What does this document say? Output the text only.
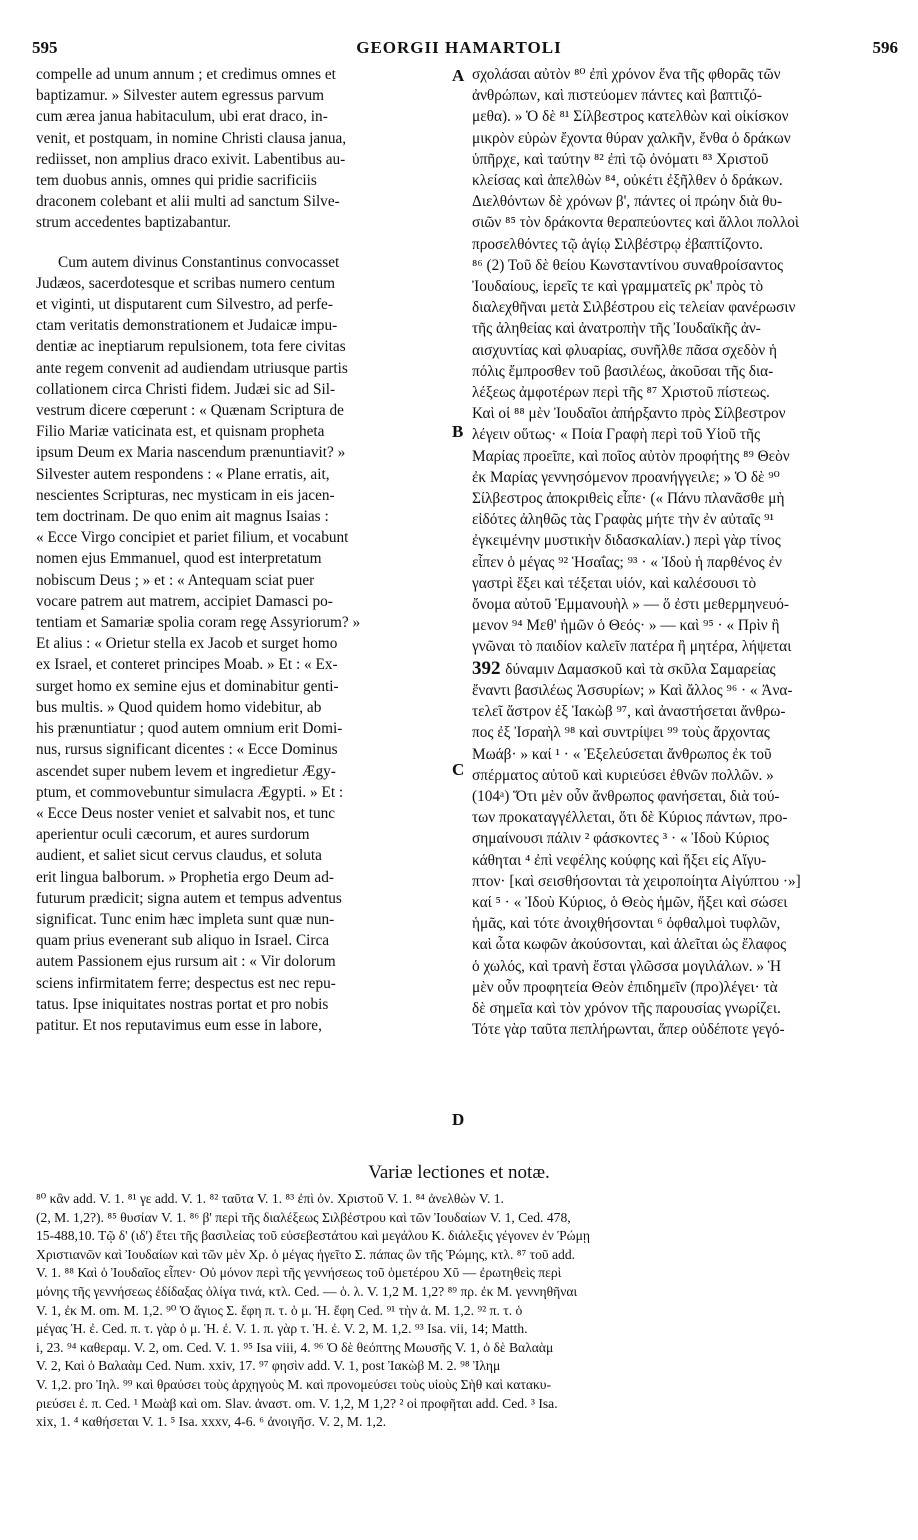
595	GEORGII HAMARTOLI	596
A
B
C
D
compelle ad unum annum ; et credimus omnes et
baptizamur. » Silvester autem egressus parvum
cum ærea janua habitaculum, ubi erat draco, in-
venit, et postquam, in nomine Christi clausa janua,
rediisset, non amplius draco exivit. Labentibus au-
tem duobus annis, omnes qui pridie sacrificiis
draconem colebant et alii multi ad sanctum Silve-
strum accedentes baptizabantur.
Cum autem divinus Constantinus convocasset
Judæos, sacerdotesque et scribas numero centum
et viginti, ut disputarent cum Silvestro, ad perfe-
ctam veritatis demonstrationem et Judaicæ impu-
dentiæ ac ineptiarum repulsionem, tota fere civitas
ante regem convenit ad audiendam utriusque partis
collationem circa Christi fidem. Judæi sic ad Sil-
vestrum dicere cœperunt : « Quænam Scriptura de
Filio Mariæ vaticinata est, et quisnam propheta
ipsum Deum ex Maria nascendum prænuntiavit? »
Silvester autem respondens : « Plane erratis, ait,
nescientes Scripturas, nec mysticam in eis jacen-
tem doctrinam. De quo enim ait magnus Isaias :
« Ecce Virgo concipiet et pariet filium, et vocabunt
nomen ejus Emmanuel, quod est interpretatum
nobiscum Deus ; » et : « Antequam sciat puer
vocare patrem aut matrem, accipiet Damasci po-
tentiam et Samariæ spolia coram regę Assyriorum? »
Et alius : « Orietur stella ex Jacob et surget homo
ex Israel, et conteret principes Moab. » Et : « Ex-
surget homo ex semine ejus et dominabitur genti-
bus multis. » Quod quidem homo videbitur, ab
his prænuntiatur ; quod autem omnium erit Domi-
nus, rursus significant dicentes : « Ecce Dominus
ascendet super nubem levem et ingredietur Ægy-
ptum, et commovebuntur simulacra Ægypti. » Et :
« Ecce Deus noster veniet et salvabit nos, et tunc
aperientur oculi cæcorum, et aures surdorum
audient, et saliet sicut cervus claudus, et soluta
erit lingua balborum. » Prophetia ergo Deum ad-
futurum prædicit; signa autem et tempus adventus
significat. Tunc enim hæc impleta sunt quæ nun-
quam prius evenerant sub aliquo in Israel. Circa
autem Passionem ejus rursum ait : « Vir dolorum
sciens infirmitatem ferre; despectus est nec repu-
tatus. Ipse iniquitates nostras portat et pro nobis
patitur. Et nos reputavimus eum esse in labore,
σχολάσαι αὐτὸν ⁸⁰ ἐπὶ χρόνον ἕνα τῆς φθορᾶς τῶν
ἀνθρώπων, καὶ πιστεύομεν πάντες καὶ βαπτιζό-
μεθα). » Ὁ δὲ ⁸¹ Σίλβεστρος κατελθὼν καὶ οἰκίσκον
μικρὸν εὑρὼν ἔχοντα θύραν χαλκῆν, ἔνθα ὁ δράκων
ὑπῆρχε, καὶ ταύτην ⁸² ἐπὶ τῷ ὀνόματι ⁸³ Χριστοῦ
κλείσας καὶ ἀπελθὼν ⁸⁴, οὐκέτι ἐξῆλθεν ὁ δράκων.
Διελθόντων δὲ χρόνων β', πάντες οἱ πρώην διὰ θυ-
σιῶν ⁸⁵ τὸν δράκοντα θεραπεύοντες καὶ ἄλλοι πολλοὶ
προσελθόντες τῷ ἁγίῳ Σιλβέστρῳ ἐβαπτίζοντο.
⁸⁶ (2) Τοῦ δὲ θείου Κωνσταντίνου συναθροίσαντος
Ἰουδαίους, ἱερεῖς τε καὶ γραμματεῖς ρκ' πρὸς τὸ
διαλεχθῆναι μετὰ Σιλβέστρου εἰς τελείαν φανέρωσιν
τῆς ἀληθείας καὶ ἀνατροπὴν τῆς Ἰουδαϊκῆς ἀν-
αισχυντίας καὶ φλυαρίας, συνῆλθε πᾶσα σχεδὸν ἡ
πόλις ἔμπροσθεν τοῦ βασιλέως, ἀκοῦσαι τῆς δια-
λέξεως ἀμφοτέρων περὶ τῆς ⁸⁷ Χριστοῦ πίστεως.
Καὶ οἱ ⁸⁸ μὲν Ἰουδαῖοι ἀπήρξαντο πρὸς Σίλβεστρον
λέγειν οὕτως· « Ποία Γραφὴ περὶ τοῦ Υἱοῦ τῆς
Μαρίας προεῖπε, καὶ ποῖος αὐτὸν προφήτης ⁸⁹ Θεὸν
ἐκ Μαρίας γεννησόμενον προανήγγειλε; » Ὁ δὲ ⁹⁰
Σίλβεστρος ἀποκριθεὶς εἶπε· (« Πάνυ πλανᾶσθε μὴ
εἰδότες ἀληθῶς τὰς Γραφὰς μήτε τὴν ἐν αὐταῖς ⁹¹
ἐγκειμένην μυστικὴν διδασκαλίαν.) περὶ γὰρ τίνος
εἶπεν ὁ μέγας ⁹² Ἡσαΐας; ⁹³ · « Ἰδοὺ ἡ παρθένος ἐν
γαστρὶ ἕξει καὶ τέξεται υἱόν, καὶ καλέσουσι τὸ
ὄνομα αὐτοῦ Ἐμμανουὴλ » — ὅ ἐστι μεθερμηνευό-
μενον ⁹⁴ Μεθ' ἡμῶν ὁ Θεός· » — καὶ ⁹⁵ · « Πρὶν ἢ
γνῶναι τὸ παιδίον καλεῖν πατέρα ἢ μητέρα, λήψεται
392 δύναμιν Δαμασκοῦ καὶ τὰ σκῦλα Σαμαρείας
ἔναντι βασιλέως Ἀσσυρίων; » Καὶ ἄλλος ⁹⁶ · « Ἀνα-
τελεῖ ἄστρον ἐξ Ἰακὼβ ⁹⁷, καὶ ἀναστήσεται ἄνθρω-
πος ἐξ Ἰσραὴλ ⁹⁸ καὶ συντρίψει ⁹⁹ τοὺς ἄρχοντας
Μωάβ· » καί ¹ · « Ἐξελεύσεται ἄνθρωπος ἐκ τοῦ
σπέρματος αὐτοῦ καὶ κυριεύσει ἐθνῶν πολλῶν. »
(104ᵃ) Ὅτι μὲν οὖν ἄνθρωπος φανήσεται, διὰ τού-
των προκαταγγέλλεται, ὅτι δὲ Κύριος πάντων, προ-
σημαίνουσι πάλιν ² φάσκοντες ³ · « Ἰδοὺ Κύριος
κάθηται ⁴ ἐπὶ νεφέλης κούφης καὶ ἥξει εἰς Αἴγυ-
πτον· [καὶ σεισθήσονται τὰ χειροποίητα Αἰγύπτου ·»]
καί ⁵ · « Ἰδοὺ Κύριος, ὁ Θεὸς ἡμῶν, ἥξει καὶ σώσει
ἡμᾶς, καὶ τότε ἀνοιχθήσονται ⁶ ὀφθαλμοὶ τυφλῶν,
καὶ ὦτα κωφῶν ἀκούσονται, καὶ ἁλεῖται ὡς ἔλαφος
ὁ χωλός, καὶ τρανὴ ἔσται γλῶσσα μογιλάλων. » Ἡ
μὲν οὖν προφητεία Θεὸν ἐπιδημεῖν (προ)λέγει· τὰ
δὲ σημεῖα καὶ τὸν χρόνον τῆς παρουσίας γνωρίζει.
Τότε γὰρ ταῦτα πεπλήρωνται, ἅπερ οὐδέποτε γεγό-
Variæ lectiones et notæ.
⁸⁰ κἂν add. V. 1. ⁸¹ γε add. V. 1. ⁸² ταῦτα V. 1. ⁸³ ἐπὶ ὀν. Χριστοῦ V. 1. ⁸⁴ ἀνελθὼν V. 1.
(2, M. 1,2?). ⁸⁵ θυσίαν V. 1. ⁸⁶ β' περὶ τῆς διαλέξεως Σιλβέστρου καὶ τῶν Ἰουδαίων V. 1, Ced. 478,
15-488,10. Τῷ δ' (ιδ') ἔτει τῆς βασιλείας τοῦ εὐσεβεστάτου καὶ μεγάλου Κ. διάλεξις γέγονεν ἐν Ῥώμῃ
Χριστιανῶν καὶ Ἰουδαίων καὶ τῶν μὲν Χρ. ὁ μέγας ἡγεῖτο Σ. πάπας ὢν τῆς Ῥώμης, κτλ. ⁸⁷ τοῦ add.
V. 1. ⁸⁸ Καὶ ὁ Ἰουδαῖος εἶπεν· Οὐ μόνον περὶ τῆς γεννήσεως τοῦ ὁμετέρου Χῦ — ἐρωτηθεὶς περὶ
μόνης τῆς γεννήσεως ἐδίδαξας ὀλίγα τινά, κτλ. Ced. — ὁ. λ. V. 1,2 M. 1,2? ⁸⁹ πρ. ἐκ Μ. γεννηθῆναι
V. 1, ἐκ M. om. M. 1,2. ⁹⁰ Ὁ ἅγιος Σ. ἔφη π. τ. ὁ μ. Ἡ. ἔφη Ced. ⁹¹ τὴν ἁ. M. 1,2. ⁹² π. τ. ὁ
μέγας Ἡ. ἐ. Ced. π. τ. γὰρ ὁ μ. Ἡ. ἐ. V. 1. π. γὰρ τ. Ἡ. ἐ. V. 2, M. 1,2. ⁹³ Isa. vii, 14; Matth.
i, 23. ⁹⁴ καθεραμ. V. 2, om. Ced. V. 1. ⁹⁵ Isa viii, 4. ⁹⁶ Ὁ δὲ θεόπτης Μωυσῆς V. 1, ὁ δὲ Βαλαὰμ
V. 2, Καὶ ὁ Βαλαὰμ Ced. Num. xxiv, 17. ⁹⁷ φησὶν add. V. 1, post Ἰακὼβ M. 2. ⁹⁸ Ἰλημ
V. 1,2. pro Ἰηλ. ⁹⁹ καὶ θραύσει τοὺς ἀρχηγοὺς M. καὶ προνομεύσει τοὺς υἱοὺς Σὴθ καὶ κατακυ-
ριεύσει ἐ. π. Ced. ¹ Μωὰβ καὶ om. Slav. ἀναστ. om. V. 1,2, M 1,2? ² οἱ προφῆται add. Ced. ³ Isa.
xix, 1. ⁴ καθήσεται V. 1. ⁵ Isa. xxxv, 4-6. ⁶ ἀνοιγῆσ. V. 2, M. 1,2.
